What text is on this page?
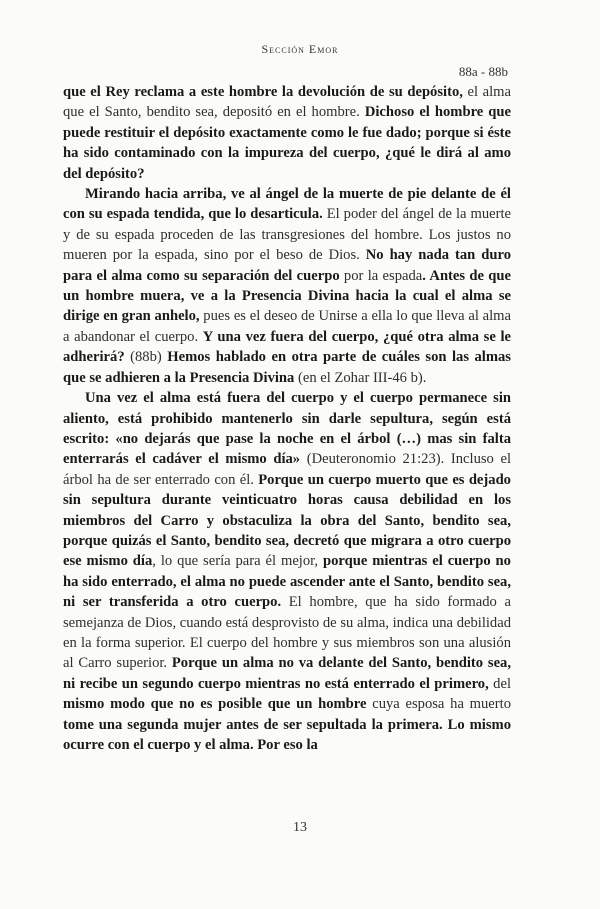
Sección Emor
88a - 88b

que el Rey reclama a este hombre la devolución de su depósito, el alma que el Santo, bendito sea, depositó en el hombre. Dichoso el hombre que puede restituir el depósito exactamente como le fue dado; porque si éste ha sido contaminado con la impureza del cuerpo, ¿qué le dirá al amo del depósito?

Mirando hacia arriba, ve al ángel de la muerte de pie delante de él con su espada tendida, que lo desarticula. El poder del ángel de la muerte y de su espada proceden de las transgresiones del hombre. Los justos no mueren por la espada, sino por el beso de Dios. No hay nada tan duro para el alma como su separación del cuerpo por la espada. Antes de que un hombre muera, ve a la Presencia Divina hacia la cual el alma se dirige en gran anhelo, pues es el deseo de Unirse a ella lo que lleva al alma a abandonar el cuerpo. Y una vez fuera del cuerpo, ¿qué otra alma se le adherirá? (88b) Hemos hablado en otra parte de cuáles son las almas que se adhieren a la Presencia Divina (en el Zohar III-46 b).

Una vez el alma está fuera del cuerpo y el cuerpo permanece sin aliento, está prohibido mantenerlo sin darle sepultura, según está escrito: «no dejarás que pase la noche en el árbol (…) mas sin falta enterrarás el cadáver el mismo día» (Deuteronomio 21:23). Incluso el árbol ha de ser enterrado con él. Porque un cuerpo muerto que es dejado sin sepultura durante veinticuatro horas causa debilidad en los miembros del Carro y obstaculiza la obra del Santo, bendito sea, porque quizás el Santo, bendito sea, decretó que migrara a otro cuerpo ese mismo día, lo que sería para él mejor, porque mientras el cuerpo no ha sido enterrado, el alma no puede ascender ante el Santo, bendito sea, ni ser transferida a otro cuerpo. El hombre, que ha sido formado a semejanza de Dios, cuando está desprovisto de su alma, indica una debilidad en la forma superior. El cuerpo del hombre y sus miembros son una alusión al Carro superior. Porque un alma no va delante del Santo, bendito sea, ni recibe un segundo cuerpo mientras no está enterrado el primero, del mismo modo que no es posible que un hombre cuya esposa ha muerto tome una segunda mujer antes de ser sepultada la primera. Lo mismo ocurre con el cuerpo y el alma. Por eso la

13
